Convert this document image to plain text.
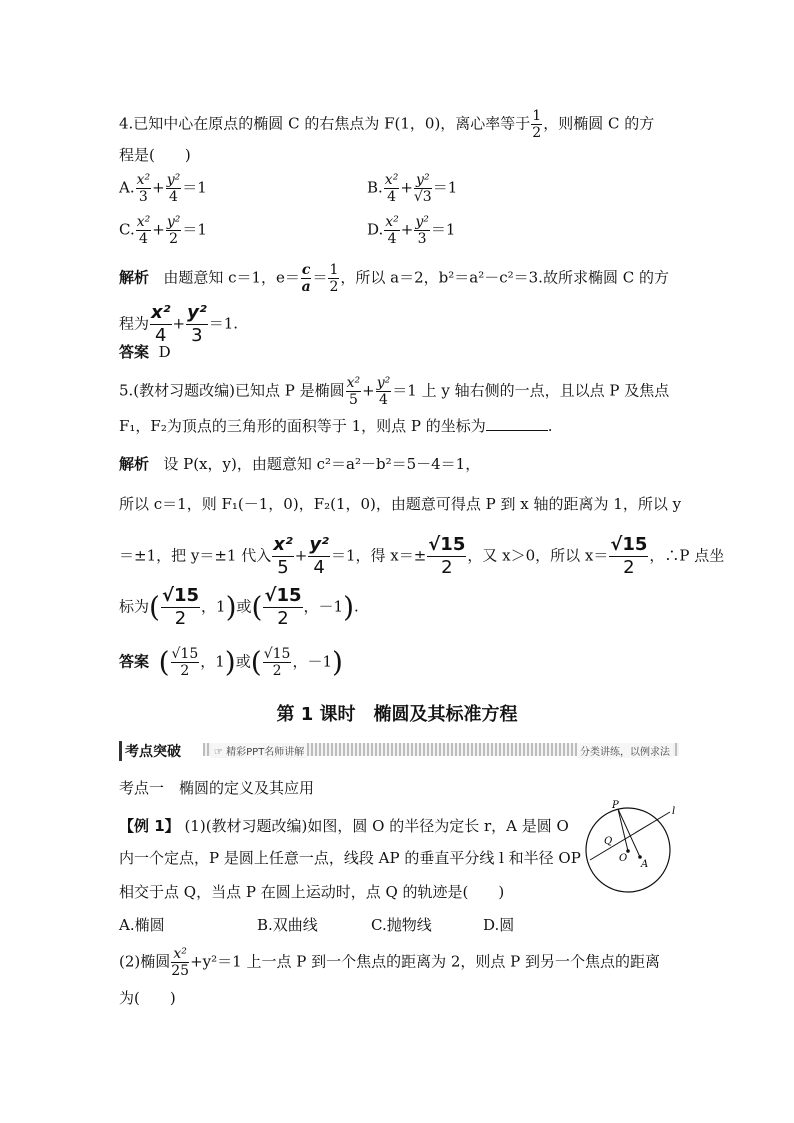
4.已知中心在原点的椭圆 C 的右焦点为 F(1，0)，离心率等于 $\frac{1}{2}$ ，则椭圆 C 的方
程是(　　)
A. $\frac{\text{x²}}{3} + \frac{\text{y²}}{4} =1$	B. $\frac{\text{x²}}{4} + \frac{\text{y²}}{√3} =1$
C. $\frac{\text{x²}}{4} + \frac{\text{y²}}{2} =1$	D. $\frac{\text{x²}}{4} + \frac{\text{y²}}{3} =1$
解析 由题意知 c＝1，$e= \frac{c}{a} = \frac{1}{2}$ ，所以 a＝2，b²＝a²－c²＝3.故所求椭圆 C 的方
程为 $\frac{\text{x²}}{4} + \frac{\text{y²}}{3} =1$.
答案 D
5.(教材习题改编)已知点 P 是椭圆 $\frac{\text{x²}}{5} + \frac{\text{y²}}{4} =1$ 上 y 轴右侧的一点，且以点 P 及焦点
F₁，F₂为顶点的三角形的面积等于 1，则点 P 的坐标为	.
解析 设 P(x，y)，由题意知 c²＝a²－b²＝5－4＝1，
所以 c＝1，则 F₁(－1，0)，F₂(1，0)，由题意可得点 P 到 x 轴的距离为 1，所以 y
＝±1，把 y＝±1 代入 $\frac{\text{x²}}{5} + \frac{\text{y²}}{4} =1$，得 $x=\pm \frac{√15}{2}$ ，又 x＞0，所以 $x= \frac{√15}{2}$ ，∴P 点坐
标为( $\frac{√15}{2}$ ，1)或( $\frac{√15}{2}$ ，－1).
答案 ( $\frac{√15}{2}$ ，1)或( $\frac{√15}{2}$ ，－1)
第 1 课时　椭圆及其标准方程
考点突破	☞ 精彩PPT名师讲解	分类讲练，以例求法
考点一　椭圆的定义及其应用
【例 1】 (1)(教材习题改编)如图，圆 O 的半径为定长 r，A 是圆 O
内一个定点，P 是圆上任意一点，线段 AP 的垂直平分线 l 和半径 OP
相交于点 Q，当点 P 在圆上运动时，点 Q 的轨迹是(　　)
A.椭圆	B.双曲线	C.抛物线	D.圆
(2)椭圆 $\frac{\text{x²}}{25} +y^2=1$ 上一点 P 到一个焦点的距离为 2，则点 P 到另一个焦点的距离
为(　　)
P
l
Q
O
A
